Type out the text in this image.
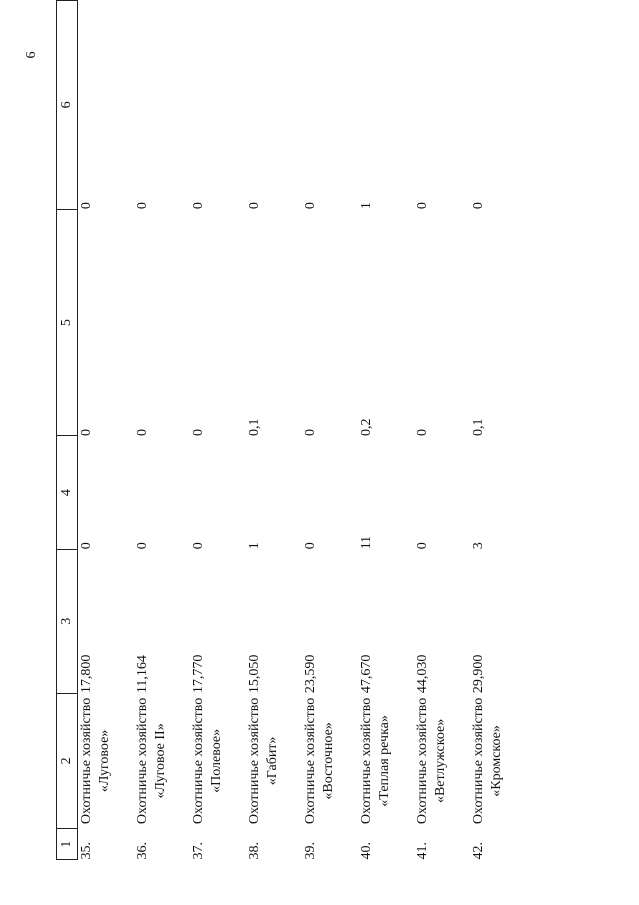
6
1	2	3	4	5	6
35.	Охотничье хозяйство «Луговое»	17,800	0	0	0
36.	Охотничье хозяйство «Луговое II»	11,164	0	0	0
37.	Охотничье хозяйство «Полевое»	17,770	0	0	0
38.	Охотничье хозяйство «Габит»	15,050	1	0,1	0
39.	Охотничье хозяйство «Восточное»	23,590	0	0	0
40.	Охотничье хозяйство «Теплая речка»	47,670	11	0,2	1
41.	Охотничье хозяйство «Ветлужское»	44,030	0	0	0
42.	Охотничье хозяйство «Кромское»	29,900	3	0,1	0
